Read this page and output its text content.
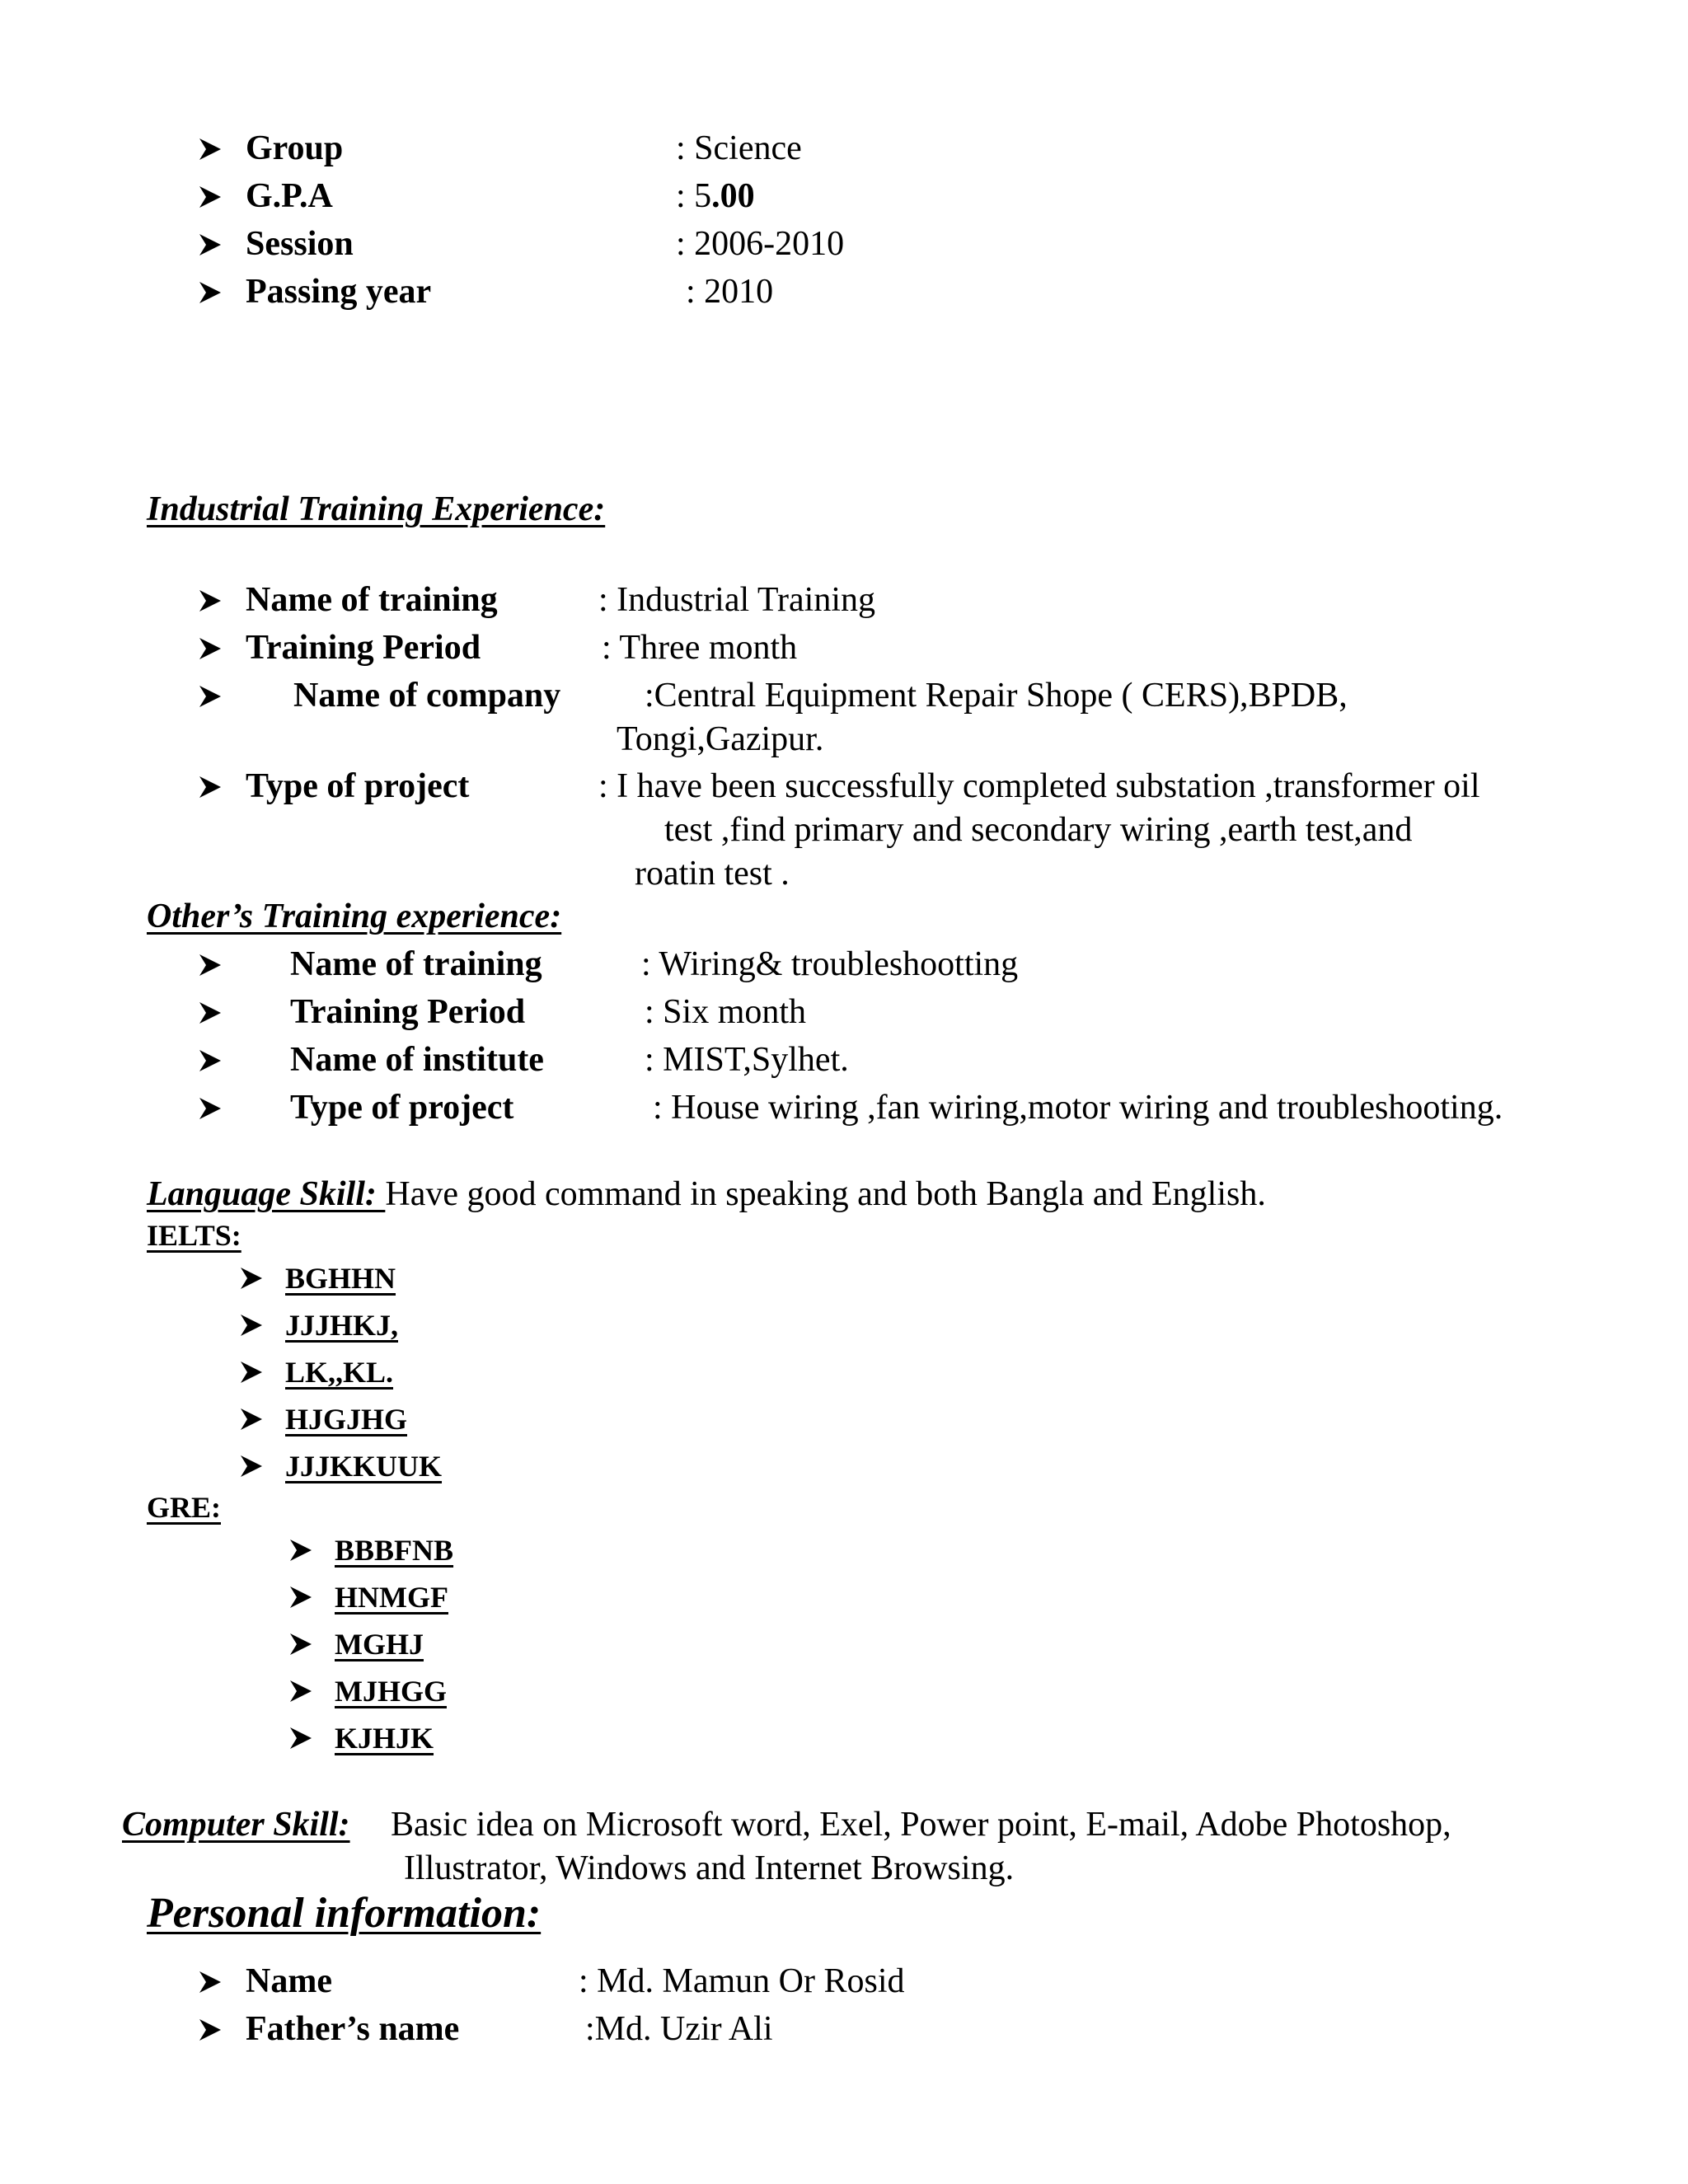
Group	: Science
G.P.A	: 5.00
Session	: 2006-2010
Passing year	: 2010
Industrial Training Experience:
Name of training	: Industrial Training
Training Period	: Three month
Name of company :Central Equipment Repair Shope ( CERS),BPDB,
Tongi,Gazipur.
Type of project	: I have been successfully completed substation ,transformer oil
test ,find primary and secondary wiring ,earth test,and
roatin test .
Other’s Training experience:
Name of training	: Wiring& troubleshootting
Training Period	: Six month
Name of institute	: MIST,Sylhet.
Type of project	: House wiring ,fan wiring,motor wiring and troubleshooting.
Language Skill: Have good command in speaking and both Bangla and English.
IELTS:
BGHHN
JJJHKJ,
LK,,KL.
HJGJHG
JJJKKUUK
GRE:
BBBFNB
HNMGF
MGHJ
MJHGG
KJHJK
Computer Skill: Basic idea on Microsoft word, Exel, Power point, E-mail, Adobe Photoshop,
Illustrator, Windows and Internet Browsing.
Personal information:
Name	: Md. Mamun Or Rosid
Father’s name	:Md. Uzir Ali
